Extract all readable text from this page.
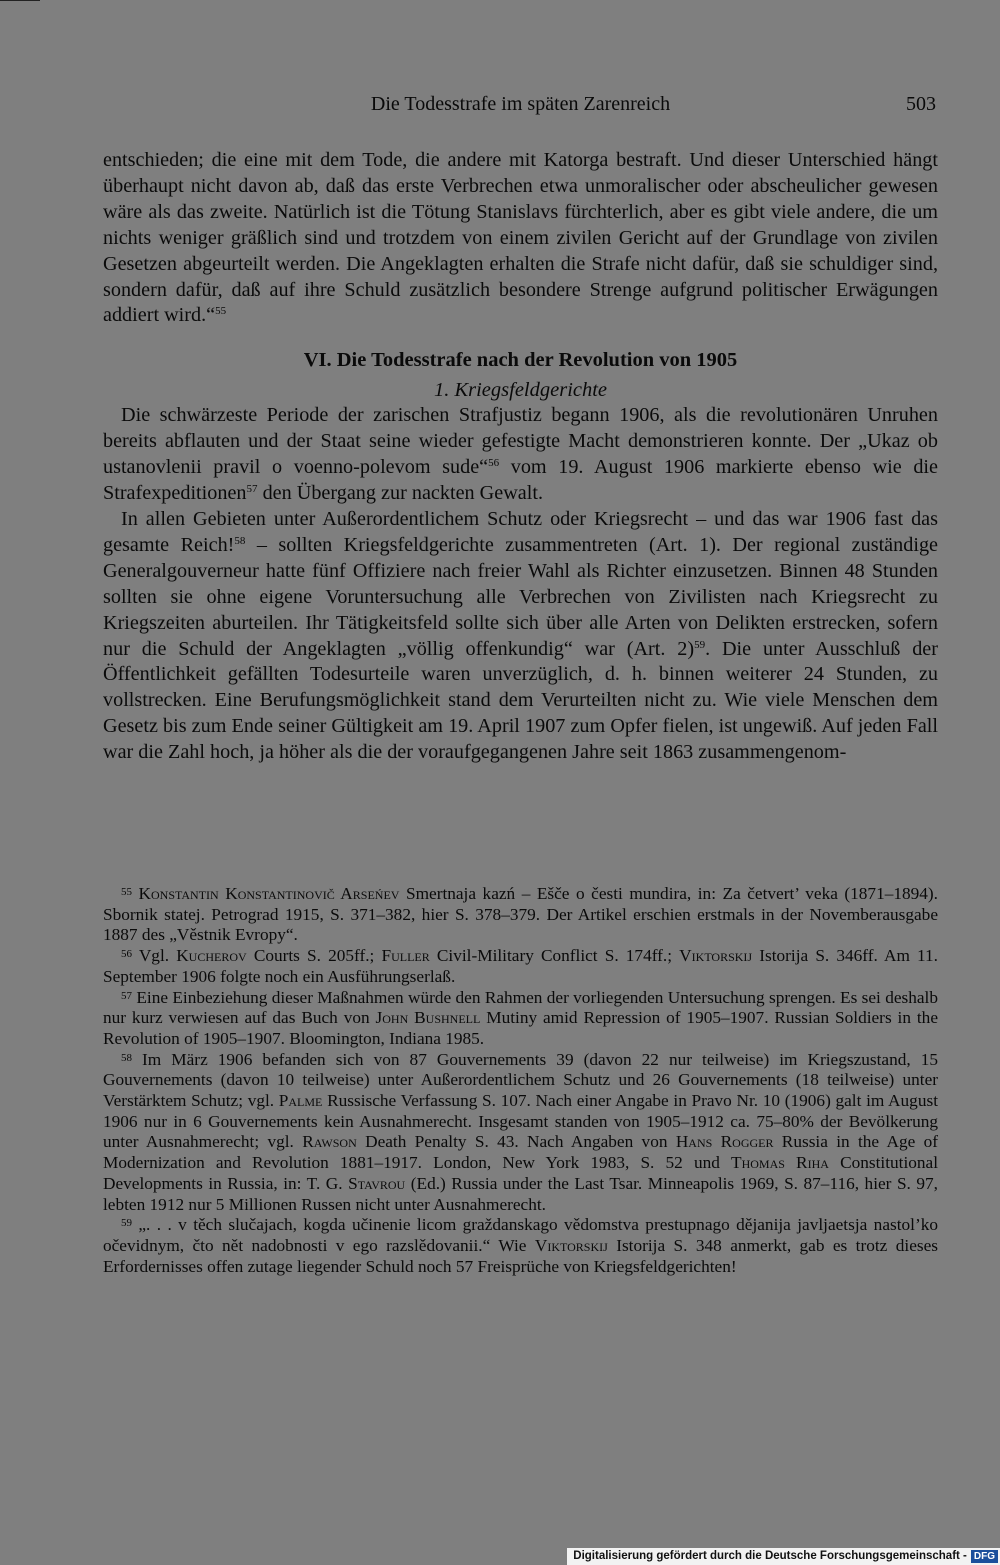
Die Todesstrafe im späten Zarenreich	503

entschieden; die eine mit dem Tode, die andere mit Katorga bestraft. Und dieser Unterschied hängt überhaupt nicht davon ab, daß das erste Verbrechen etwa unmoralischer oder abscheulicher gewesen wäre als das zweite. Natürlich ist die Tötung Stanislavs fürchterlich, aber es gibt viele andere, die um nichts weniger gräßlich sind und trotzdem von einem zivilen Gericht auf der Grundlage von zivilen Gesetzen abgeurteilt werden. Die Angeklagten erhalten die Strafe nicht dafür, daß sie schuldiger sind, sondern dafür, daß auf ihre Schuld zusätzlich besondere Strenge aufgrund politischer Erwägungen addiert wird.“$^{55}$

VI. Die Todesstrafe nach der Revolution von 1905
1. Kriegsfeldgerichte

Die schwärzeste Periode der zarischen Strafjustiz begann 1906, als die revolutionären Unruhen bereits abflauten und der Staat seine wieder gefestigte Macht demonstrieren konnte. Der „Ukaz ob ustanovlenii pravil o voenno-polevom sude“$^{56}$ vom 19. August 1906 markierte ebenso wie die Strafexpeditionen$^{57}$ den Übergang zur nackten Gewalt.

In allen Gebieten unter Außerordentlichem Schutz oder Kriegsrecht – und das war 1906 fast das gesamte Reich!$^{58}$ – sollten Kriegsfeldgerichte zusammentreten (Art. 1). Der regional zuständige Generalgouverneur hatte fünf Offiziere nach freier Wahl als Richter einzusetzen. Binnen 48 Stunden sollten sie ohne eigene Voruntersuchung alle Verbrechen von Zivilisten nach Kriegsrecht zu Kriegszeiten aburteilen. Ihr Tätigkeitsfeld sollte sich über alle Arten von Delikten erstrecken, sofern nur die Schuld der Angeklagten „völlig offenkundig“ war (Art. 2)$^{59}$. Die unter Ausschluß der Öffentlichkeit gefällten Todesurteile waren unverzüglich, d. h. binnen weiterer 24 Stunden, zu vollstrecken. Eine Berufungsmöglichkeit stand dem Verurteilten nicht zu. Wie viele Menschen dem Gesetz bis zum Ende seiner Gültigkeit am 19. April 1907 zum Opfer fielen, ist ungewiß. Auf jeden Fall war die Zahl hoch, ja höher als die der voraufgegangenen Jahre seit 1863 zusammengenom-

$^{55}$ Konstantin Konstantinovič Arseńev Smertnaja kazń – Ešče o česti mundira, in: Za četvert’ veka (1871–1894). Sbornik statej. Petrograd 1915, S. 371–382, hier S. 378–379. Der Artikel erschien erstmals in der Novemberausgabe 1887 des „Věstnik Evropy“.

$^{56}$ Vgl. Kucherov Courts S. 205ff.; Fuller Civil-Military Conflict S. 174ff.; Viktorskij Istorija S. 346ff. Am 11. September 1906 folgte noch ein Ausführungserlaß.

$^{57}$ Eine Einbeziehung dieser Maßnahmen würde den Rahmen der vorliegenden Untersuchung sprengen. Es sei deshalb nur kurz verwiesen auf das Buch von John Bushnell Mutiny amid Repression of 1905–1907. Russian Soldiers in the Revolution of 1905–1907. Bloomington, Indiana 1985.

$^{58}$ Im März 1906 befanden sich von 87 Gouvernements 39 (davon 22 nur teilweise) im Kriegszustand, 15 Gouvernements (davon 10 teilweise) unter Außerordentlichem Schutz und 26 Gouvernements (18 teilweise) unter Verstärktem Schutz; vgl. Palme Russische Verfassung S. 107. Nach einer Angabe in Pravo Nr. 10 (1906) galt im August 1906 nur in 6 Gouvernements kein Ausnahmerecht. Insgesamt standen von 1905–1912 ca. 75–80% der Bevölkerung unter Ausnahmerecht; vgl. Rawson Death Penalty S. 43. Nach Angaben von Hans Rogger Russia in the Age of Modernization and Revolution 1881–1917. London, New York 1983, S. 52 und Thomas Riha Constitutional Developments in Russia, in: T. G. Stavrou (Ed.) Russia under the Last Tsar. Minneapolis 1969, S. 87–116, hier S. 97, lebten 1912 nur 5 Millionen Russen nicht unter Ausnahmerecht.

$^{59}$ „. . . v těch slučajach, kogda učinenie licom graždanskago vědomstva prestupnago dějanija javljaetsja nastol’ko očevidnym, čto nět nadobnosti v ego razslědovanii.“ Wie Viktorskij Istorija S. 348 anmerkt, gab es trotz dieses Erfordernisses offen zutage liegender Schuld noch 57 Freisprüche von Kriegsfeldgerichten!

Digitalisierung gefördert durch die Deutsche Forschungsgemeinschaft - DFG
